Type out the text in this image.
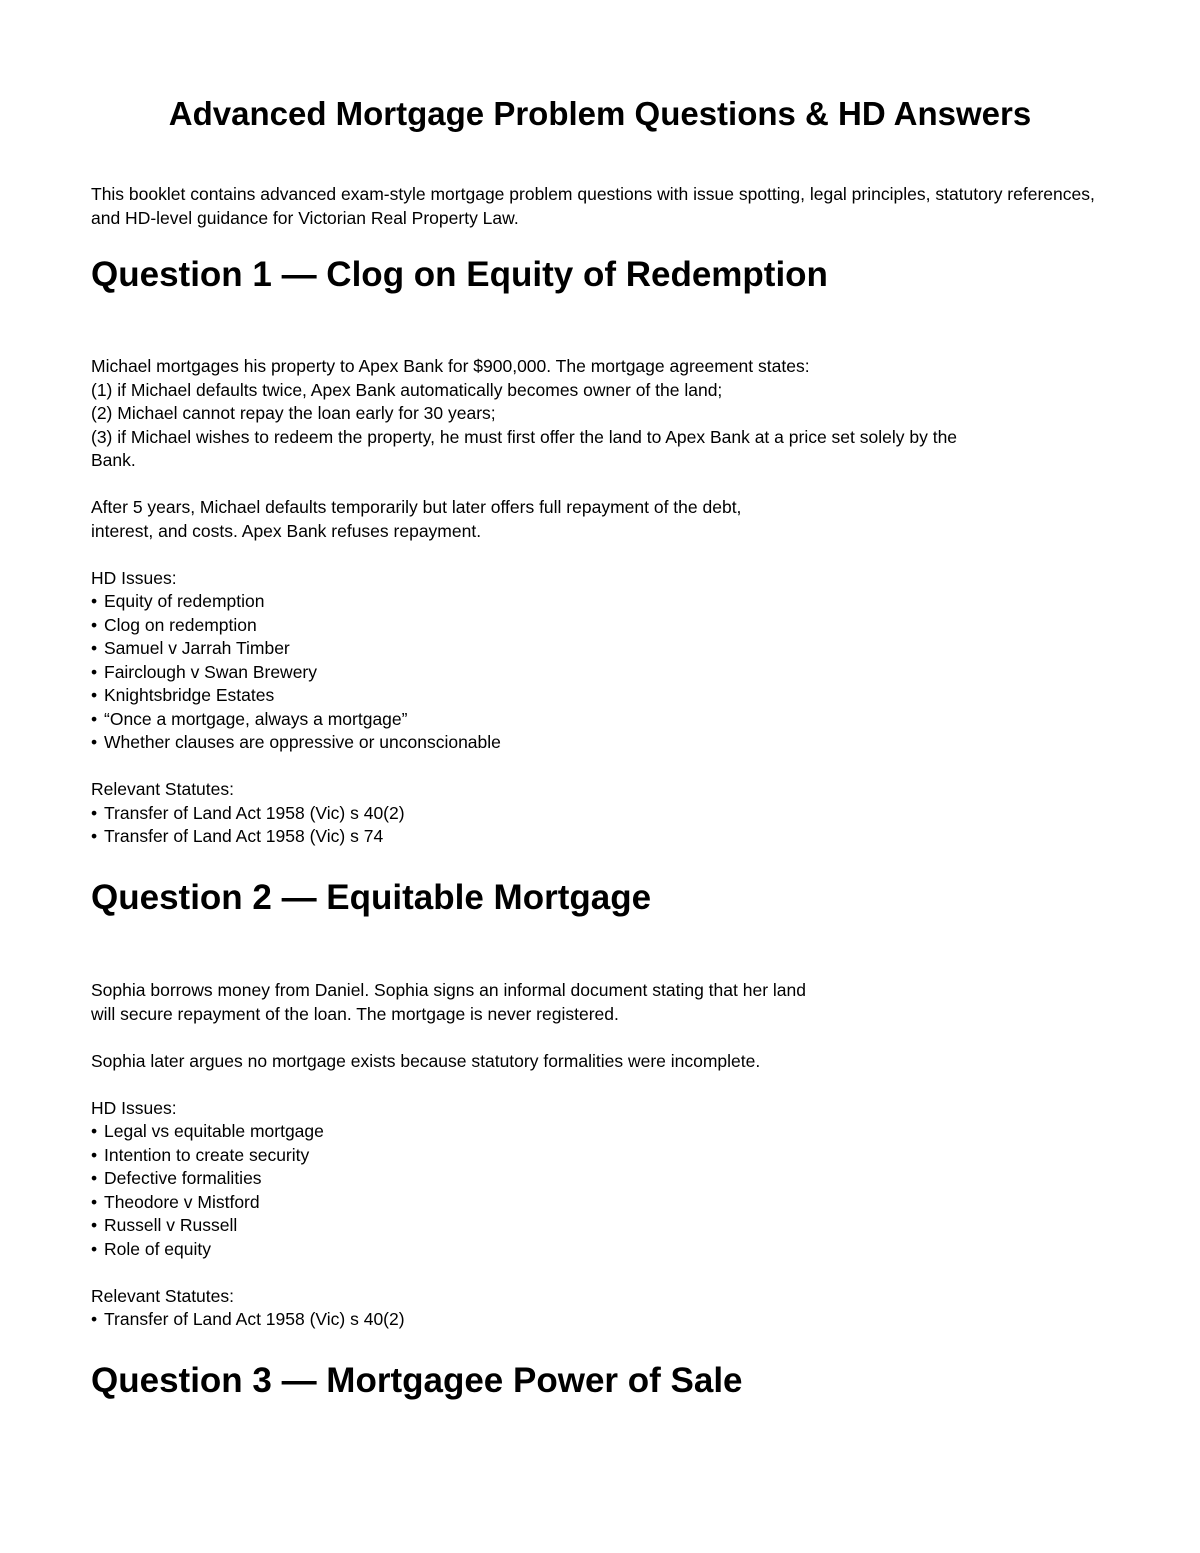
Advanced Mortgage Problem Questions & HD Answers

This booklet contains advanced exam-style mortgage problem questions with issue spotting, legal principles, statutory references, and HD-level guidance for Victorian Real Property Law.

Question 1 — Clog on Equity of Redemption
Michael mortgages his property to Apex Bank for $900,000. The mortgage agreement states:
(1) if Michael defaults twice, Apex Bank automatically becomes owner of the land;
(2) Michael cannot repay the loan early for 30 years;
(3) if Michael wishes to redeem the property, he must first offer the land to Apex Bank at a price set solely by the
Bank.
After 5 years, Michael defaults temporarily but later offers full repayment of the debt,
interest, and costs. Apex Bank refuses repayment.
HD Issues:
• Equity of redemption
• Clog on redemption
• Samuel v Jarrah Timber
• Fairclough v Swan Brewery
• Knightsbridge Estates
• “Once a mortgage, always a mortgage”
• Whether clauses are oppressive or unconscionable
Relevant Statutes:
• Transfer of Land Act 1958 (Vic) s 40(2)
• Transfer of Land Act 1958 (Vic) s 74
Question 2 — Equitable Mortgage
Sophia borrows money from Daniel. Sophia signs an informal document stating that her land
will secure repayment of the loan. The mortgage is never registered.
Sophia later argues no mortgage exists because statutory formalities were incomplete.
HD Issues:
• Legal vs equitable mortgage
• Intention to create security
• Defective formalities
• Theodore v Mistford
• Russell v Russell
• Role of equity
Relevant Statutes:
• Transfer of Land Act 1958 (Vic) s 40(2)
Question 3 — Mortgagee Power of Sale
